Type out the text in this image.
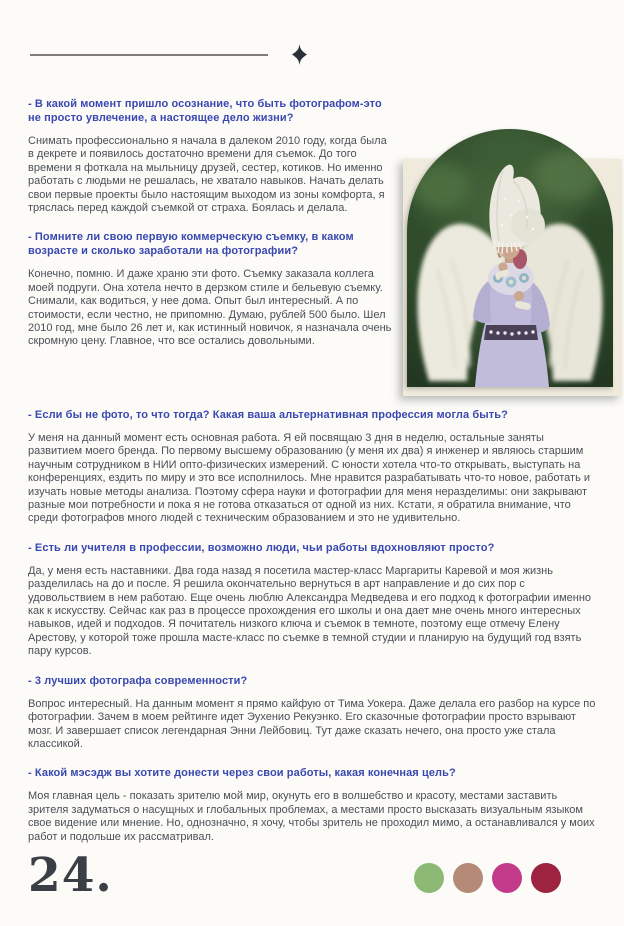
- В какой момент пришло осознание, что быть фотографом-это не просто увлечение, а настоящее дело жизни?

Снимать профессионально я начала в далеком 2010 году, когда была в декрете и появилось достаточно времени для съемок. До того времени я фоткала на мыльницу друзей, сестер, котиков. Но именно работать с людьми не решалась, не хватало навыков. Начать делать свои первые проекты было настоящим выходом из зоны комфорта, я тряслась перед каждой съемкой от страха. Боялась и делала.

- Помните ли свою первую коммерческую съемку, в каком возрасте и сколько заработали на фотографии?

Конечно, помню. И даже храню эти фото. Съемку заказала коллега моей подруги. Она хотела нечто в дерзком стиле и бельевую съемку. Снимали, как водиться, у нее дома. Опыт был интересный. А по стоимости, если честно, не припомню. Думаю, рублей 500 было. Шел 2010 год, мне было 26 лет и, как истинный новичок, я назначала очень скромную цену. Главное, что все остались довольными.

- Если бы не фото, то что тогда? Какая ваша альтернативная профессия могла быть?

У меня на данный момент есть основная работа. Я ей посвящаю 3 дня в неделю, остальные заняты развитием моего бренда. По первому высшему образованию (у меня их два) я инженер и являюсь старшим научным сотрудником в НИИ опто-физических измерений. С юности хотела что-то открывать, выступать на конференциях, ездить по миру и это все исполнилось. Мне нравится разрабатывать что-то новое, работать и изучать новые методы анализа. Поэтому сфера науки и фотографии для меня неразделимы: они закрывают разные мои потребности и пока я не готова отказаться от одной из них. Кстати, я обратила внимание, что среди фотографов много людей с техническим образованием и это не удивительно.

- Есть ли учителя в профессии, возможно люди, чьи работы вдохновляют просто?

Да, у меня есть наставники. Два года назад я посетила мастер-класс Маргариты Каревой и моя жизнь разделилась на до и после. Я решила окончательно вернуться в арт направление и до сих пор с удовольствием в нем работаю. Еще очень люблю Александра Медведева и его подход к фотографии именно как к искусству. Сейчас как раз в процессе прохождения его школы и она дает мне очень много интересных навыков, идей и подходов. Я почитатель низкого ключа и съемок в темноте, поэтому еще отмечу Елену Арестову, у которой тоже прошла масте-класс по съемке в темной студии и планирую на будущий год взять пару курсов.

- 3 лучших фотографа современности?

Вопрос интересный. На данным момент я прямо кайфую от Тима Уокера. Даже делала его разбор на курсе по фотографии. Зачем в моем рейтинге идет Эухенио Рекуэнко. Его сказочные фотографии просто взрывают мозг. И завершает список легендарная Энни Лейбовиц. Тут даже сказать нечего, она просто уже стала классикой.

- Какой мэсэдж вы хотите донести через свои работы, какая конечная цель?

Моя главная цель - показать зрителю мой мир, окунуть его в волшебство и красоту, местами заставить зрителя задуматься о насущных и глобальных проблемах, а местами просто высказать визуальным языком свое видение или мнение. Но, однозначно, я хочу, чтобы зритель не проходил мимо, а останавливался у моих работ и подольше их рассматривал.

24.
